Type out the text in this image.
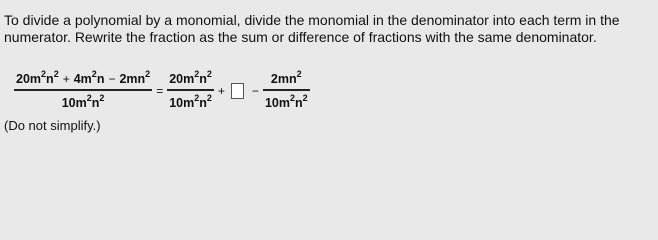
To divide a polynomial by a monomial, divide the monomial in the denominator into each term in the numerator. Rewrite the fraction as the sum or difference of fractions with the same denominator.
$\frac{20m^2n^2 + 4m^2n - 2mn^2}{10m^2n^2} = \frac{20m^2n^2}{10m^2n^2}$ + − $\frac{2mn^2}{10m^2n^2}$
(Do not simplify.)
